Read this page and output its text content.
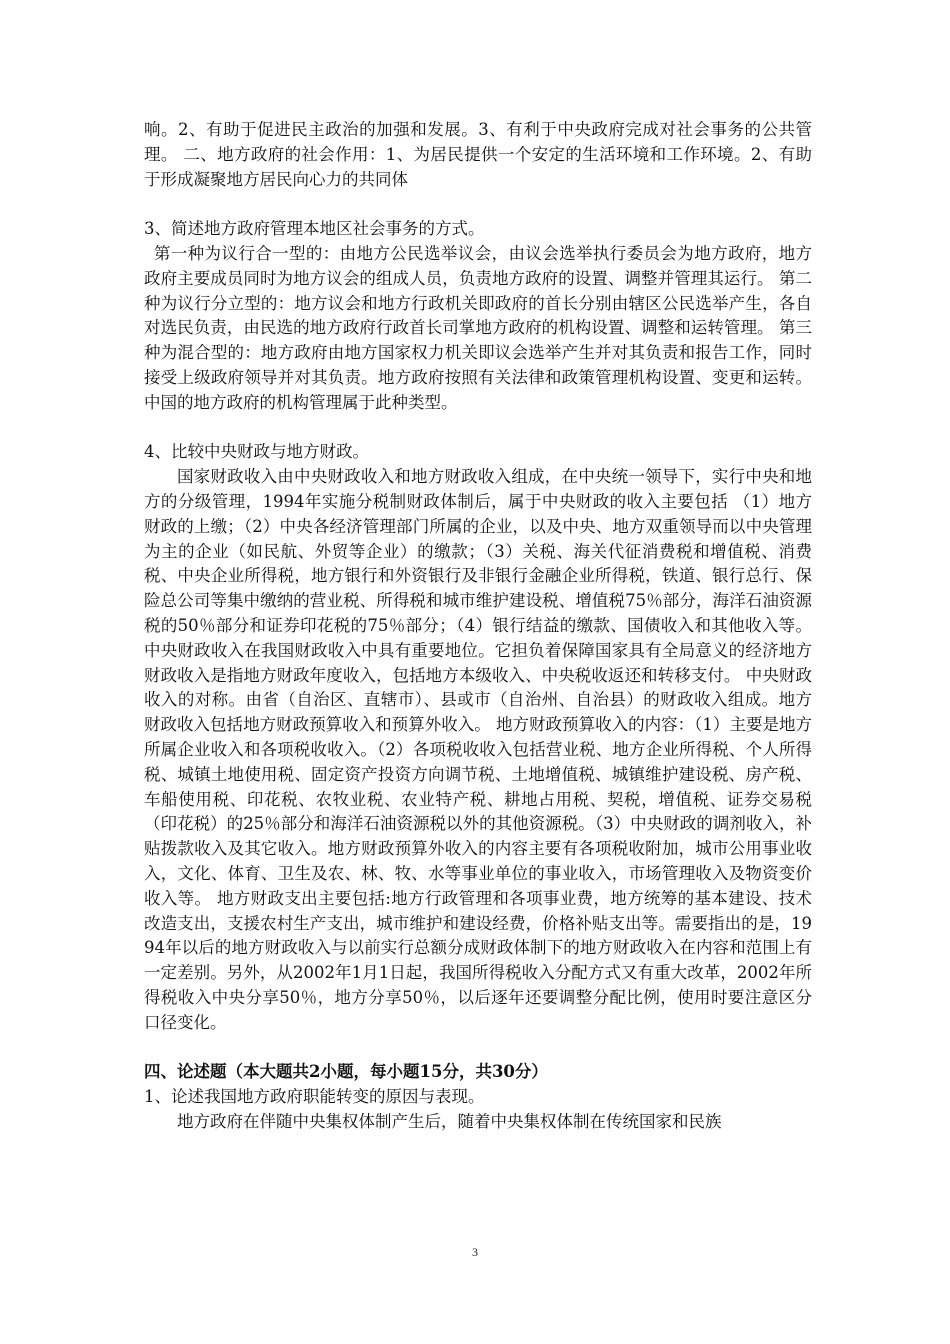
响。2、有助于促进民主政治的加强和发展。3、有利于中央政府完成对社会事务的公共管理。 二、地方政府的社会作用：1、为居民提供一个安定的生活环境和工作环境。2、有助于形成凝聚地方居民向心力的共同体

3、简述地方政府管理本地区社会事务的方式。

第一种为议行合一型的：由地方公民选举议会，由议会选举执行委员会为地方政府，地方政府主要成员同时为地方议会的组成人员，负责地方政府的设置、调整并管理其运行。 第二种为议行分立型的：地方议会和地方行政机关即政府的首长分别由辖区公民选举产生，各自对选民负责，由民选的地方政府行政首长司掌地方政府的机构设置、调整和运转管理。 第三种为混合型的：地方政府由地方国家权力机关即议会选举产生并对其负责和报告工作，同时接受上级政府领导并对其负责。地方政府按照有关法律和政策管理机构设置、变更和运转。中国的地方政府的机构管理属于此种类型。

4、比较中央财政与地方财政。

国家财政收入由中央财政收入和地方财政收入组成，在中央统一领导下，实行中央和地方的分级管理，1994年实施分税制财政体制后，属于中央财政的收入主要包括 （1）地方财政的上缴；（2）中央各经济管理部门所属的企业，以及中央、地方双重领导而以中央管理为主的企业（如民航、外贸等企业）的缴款；（3）关税、海关代征消费税和增值税、消费税、中央企业所得税，地方银行和外资银行及非银行金融企业所得税，铁道、银行总行、保险总公司等集中缴纳的营业税、所得税和城市维护建设税、增值税75％部分，海洋石油资源税的50％部分和证券印花税的75％部分；（4）银行结益的缴款、国债收入和其他收入等。 中央财政收入在我国财政收入中具有重要地位。它担负着保障国家具有全局意义的经济地方财政收入是指地方财政年度收入，包括地方本级收入、中央税收返还和转移支付。 中央财政收入的对称。由省（自治区、直辖市）、县或市（自治州、自治县）的财政收入组成。地方财政收入包括地方财政预算收入和预算外收入。 地方财政预算收入的内容：（1）主要是地方所属企业收入和各项税收收入。（2）各项税收收入包括营业税、地方企业所得税、个人所得税、城镇土地使用税、固定资产投资方向调节税、土地增值税、城镇维护建设税、房产税、车船使用税、印花税、农牧业税、农业特产税、耕地占用税、契税，增值税、证券交易税（印花税）的25％部分和海洋石油资源税以外的其他资源税。（3）中央财政的调剂收入，补贴拨款收入及其它收入。地方财政预算外收入的内容主要有各项税收附加，城市公用事业收入，文化、体育、卫生及农、林、牧、水等事业单位的事业收入，市场管理收入及物资变价收入等。 地方财政支出主要包括:地方行政管理和各项事业费，地方统筹的基本建设、技术改造支出，支援农村生产支出，城市维护和建设经费，价格补贴支出等。需要指出的是，1994年以后的地方财政收入与以前实行总额分成财政体制下的地方财政收入在内容和范围上有一定差别。另外，从2002年1月1日起，我国所得税收入分配方式又有重大改革，2002年所得税收入中央分享50％，地方分享50％，以后逐年还要调整分配比例，使用时要注意区分口径变化。

四、论述题（本大题共2小题，每小题15分，共30分）

1、论述我国地方政府职能转变的原因与表现。

地方政府在伴随中央集权体制产生后，随着中央集权体制在传统国家和民族

3
